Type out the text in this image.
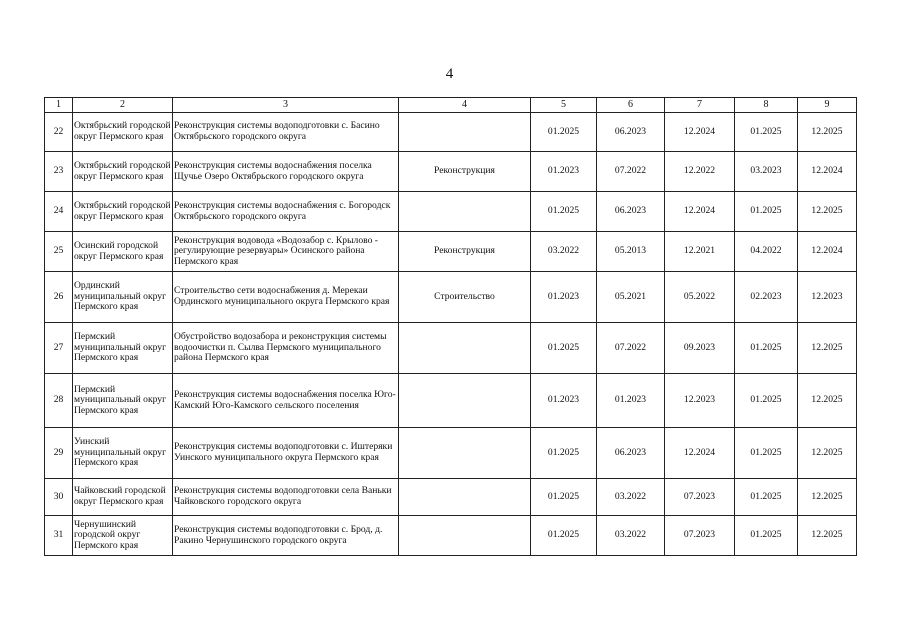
4
1	2	3	4	5	6	7	8	9
22	Октябрьский городской округ Пермского края	Реконструкция системы водоподготовки с. Басино Октябрьского городского округа		01.2025	06.2023	12.2024	01.2025	12.2025
23	Октябрьский городской округ Пермского края	Реконструкция системы водоснабжения поселка Щучье Озеро Октябрьского городского округа	Реконструкция	01.2023	07.2022	12.2022	03.2023	12.2024
24	Октябрьский городской округ Пермского края	Реконструкция системы водоснабжения с. Богородск Октябрьского городского округа		01.2025	06.2023	12.2024	01.2025	12.2025
25	Осинский городской округ Пермского края	Реконструкция водовода «Водозабор с. Крылово - регулирующие резервуары» Осинского района Пермского края	Реконструкция	03.2022	05.2013	12.2021	04.2022	12.2024
26	Ординский муниципальный округ Пермского края	Строительство сети водоснабжения д. Мерекаи Ординского муниципального округа Пермского края	Строительство	01.2023	05.2021	05.2022	02.2023	12.2023
27	Пермский муниципальный округ Пермского края	Обустройство водозабора и реконструкция системы водоочистки п. Сылва Пермского муниципального района Пермского края		01.2025	07.2022	09.2023	01.2025	12.2025
28	Пермский муниципальный округ Пермского края	Реконструкция системы водоснабжения поселка Юго-Камский Юго-Камского сельского поселения		01.2023	01.2023	12.2023	01.2025	12.2025
29	Уинский муниципальный округ Пермского края	Реконструкция системы водоподготовки с. Иштеряки Уинского муниципального округа Пермского края		01.2025	06.2023	12.2024	01.2025	12.2025
30	Чайковский городской округ Пермского края	Реконструкция системы водоподготовки села Ваньки Чайковского городского округа		01.2025	03.2022	07.2023	01.2025	12.2025
31	Чернушинский городской округ Пермского края	Реконструкция системы водоподготовки с. Брод, д. Ракино Чернушинского городского округа		01.2025	03.2022	07.2023	01.2025	12.2025
